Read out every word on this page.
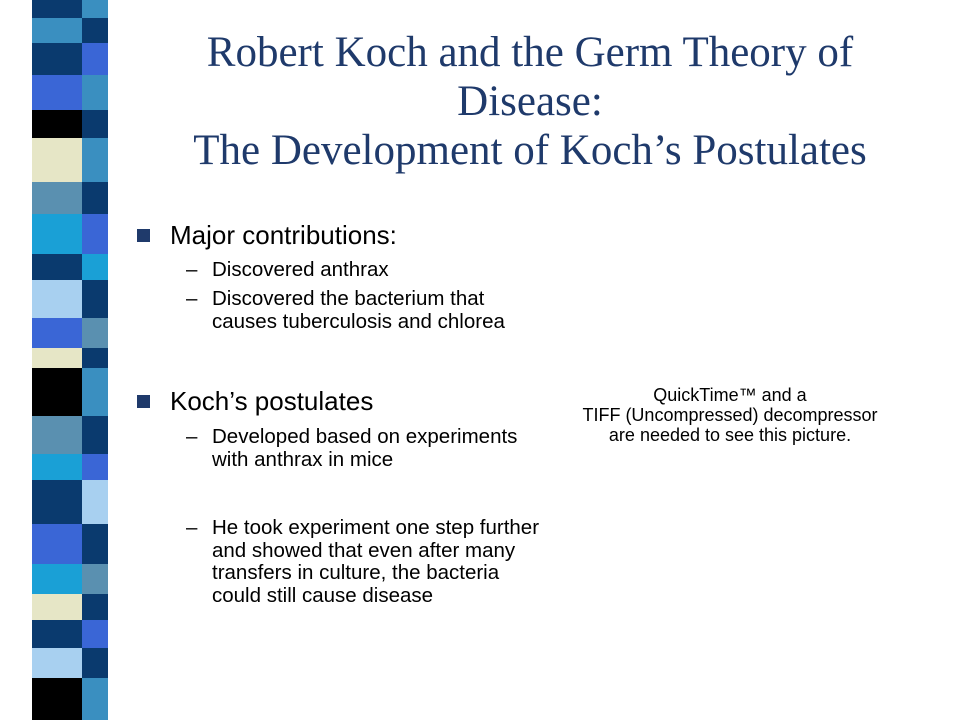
Robert Koch and the Germ Theory of
Disease:
The Development of Koch’s Postulates
Major contributions:
– Discovered anthrax
– Discovered the bacterium that causes tuberculosis and chlorea
Koch’s postulates
– Developed based on experiments with anthrax in mice
– He took experiment one step further and showed that even after many transfers in culture, the bacteria could still cause disease
QuickTime™ and a
TIFF (Uncompressed) decompressor
are needed to see this picture.
